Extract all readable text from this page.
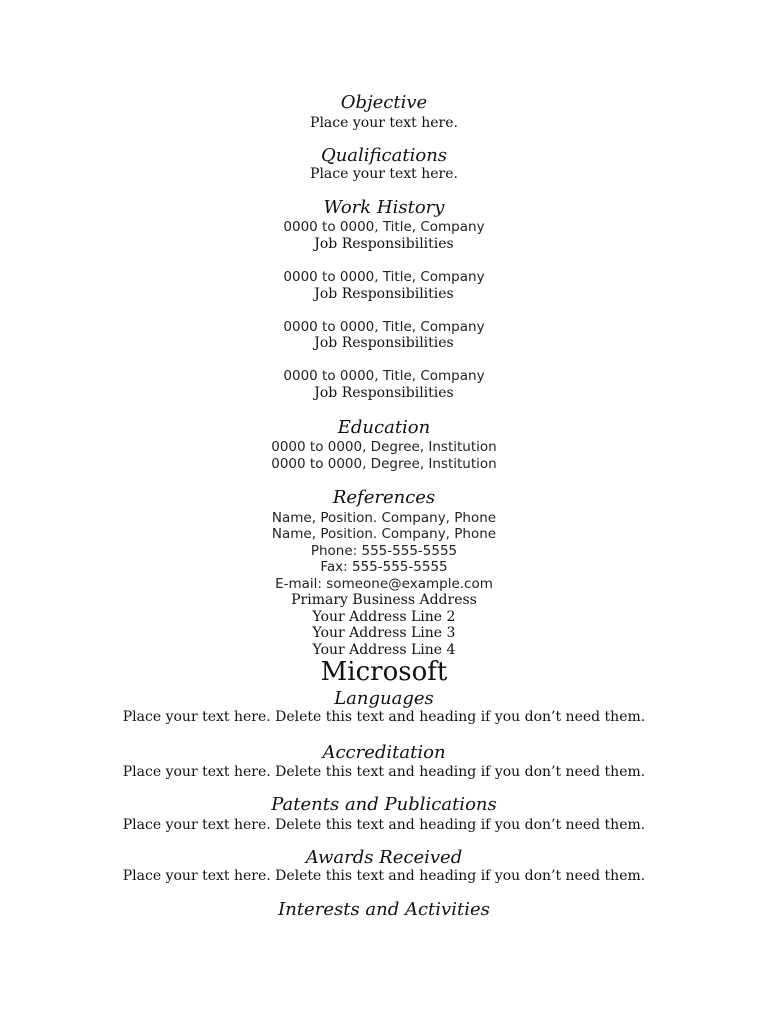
Objective
Place your text here.
Qualifications
Place your text here.
Work History
0000 to 0000, Title, Company
Job Responsibilities
0000 to 0000, Title, Company
Job Responsibilities
0000 to 0000, Title, Company
Job Responsibilities
0000 to 0000, Title, Company
Job Responsibilities
Education
0000 to 0000, Degree, Institution
0000 to 0000, Degree, Institution
References
Name, Position. Company, Phone
Name, Position. Company, Phone
Phone: 555-555-5555
Fax: 555-555-5555
E-mail: someone@example.com
Primary Business Address
Your Address Line 2
Your Address Line 3
Your Address Line 4
Microsoft
Languages
Place your text here. Delete this text and heading if you don’t need them.
Accreditation
Place your text here. Delete this text and heading if you don’t need them.
Patents and Publications
Place your text here. Delete this text and heading if you don’t need them.
Awards Received
Place your text here. Delete this text and heading if you don’t need them.
Interests and Activities
